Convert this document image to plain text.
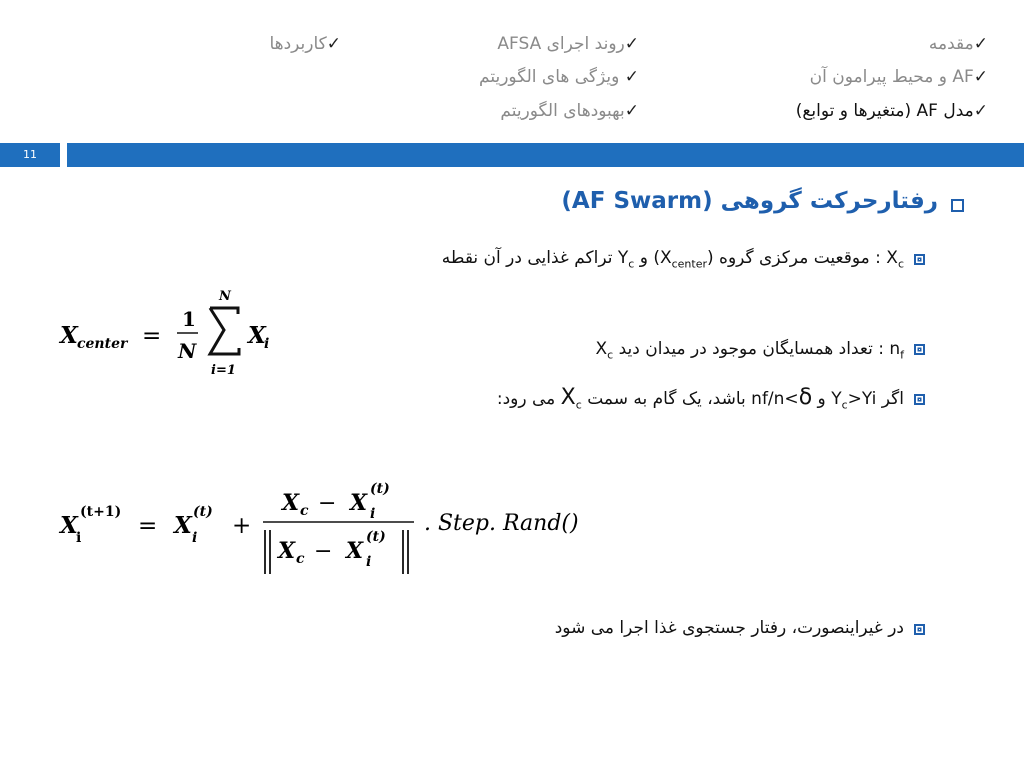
✓مقدمه
✓AF و محیط پیرامون آن
✓مدل AF (متغیرها و توابع)
✓روند اجرای AFSA
✓ ویژگی های الگوریتم
✓بهبودهای الگوریتم
✓کاربردها
11
رفتارحرکت گروهی (AF Swarm)
$X_c$ : موقعیت مرکزی گروه $(X_{center})$ و $Y_c$ تراکم غذایی در آن نقطه
X center =
1
N
N
i=1
X
i	$n_f$ : تعداد همسایگان موجود در میدان دید $X_c$
اگر $Y_c>Yi$ و nf/n<δ باشد، یک گام به سمت $X_c$ می رود:
X (t+1)
i = X (t)
i +
X c − X
(t)
i
X c − X
(t)
i
. Step. Rand()
در غیراینصورت، رفتار جستجوی غذا اجرا می شود
